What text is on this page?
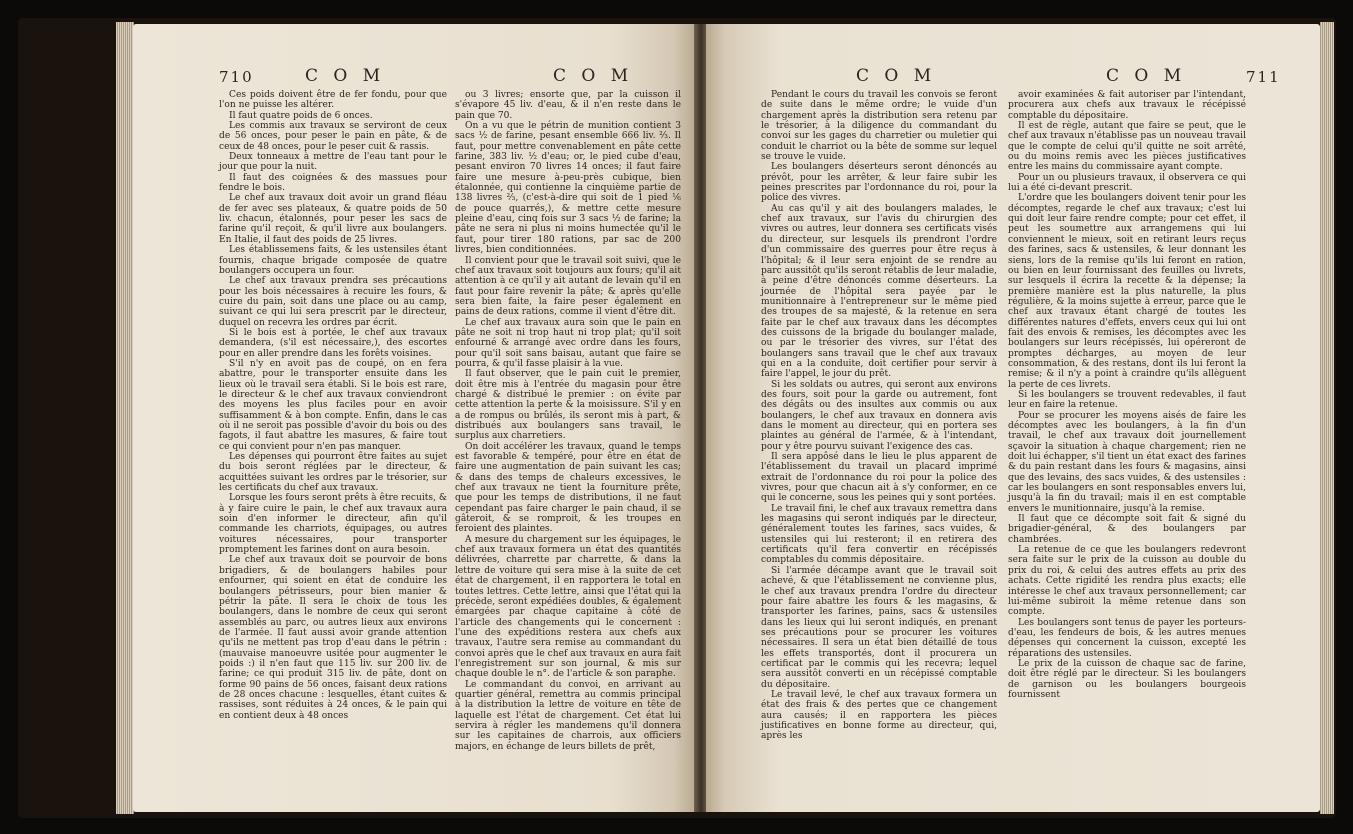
710	C O M	C O M

Ces poids doivent être de fer fondu, pour que l'on ne puisse les altérer.

Il faut quatre poids de 6 onces.

Les commis aux travaux se serviront de ceux de 56 onces, pour peser le pain en pâte, & de ceux de 48 onces, pour le peser cuit & rassis.

Deux tonneaux à mettre de l'eau tant pour le jour que pour la nuit.

Il faut des coignées & des massues pour fendre le bois.

Le chef aux travaux doit avoir un grand fléau de fer avec ses plateaux, & quatre poids de 50 liv. chacun, étalonnés, pour peser les sacs de farine qu'il reçoit, & qu'il livre aux boulangers. En Italie, il faut des poids de 25 livres.

Les établissemens faits, & les ustensiles étant fournis, chaque brigade composée de quatre boulangers occupera un four.

Le chef aux travaux prendra ses précautions pour les bois nécessaires à recuire les fours, & cuire du pain, soit dans une place ou au camp, suivant ce qui lui sera prescrit par le directeur, duquel on recevra les ordres par écrit.

Si le bois est à portée, le chef aux travaux demandera, (s'il est nécessaire,), des escortes pour en aller prendre dans les forêts voisines.

S'il n'y en avoit pas de coupé, on en fera abattre, pour le transporter ensuite dans les lieux où le travail sera établi. Si le bois est rare, le directeur & le chef aux travaux conviendront des moyens les plus faciles pour en avoir suffisamment & à bon compte. Enfin, dans le cas où il ne seroit pas possible d'avoir du bois ou des fagots, il faut abattre les masures, & faire tout ce qui convient pour n'en pas manquer.

Les dépenses qui pourront être faites au sujet du bois seront réglées par le directeur, & acquittées suivant les ordres par le trésorier, sur les certificats du chef aux travaux.

Lorsque les fours seront prêts à être recuits, & à y faire cuire le pain, le chef aux travaux aura soin d'en informer le directeur, afin qu'il commande les charriots, équipages, ou autres voitures nécessaires, pour transporter promptement les farines dont on aura besoin.

Le chef aux travaux doit se pourvoir de bons brigadiers, & de boulangers habiles pour enfourner, qui soient en état de conduire les boulangers pétrisseurs, pour bien manier & pétrir la pâte. Il sera le choix de tous les boulangers, dans le nombre de ceux qui seront assemblés au parc, ou autres lieux aux environs de l'armée. Il faut aussi avoir grande attention qu'ils ne mettent pas trop d'eau dans le pétrin : (mauvaise manoeuvre usitée pour augmenter le poids :) il n'en faut que 115 liv. sur 200 liv. de farine; ce qui produit 315 liv. de pâte, dont on forme 90 pains de 56 onces, faisant deux rations de 28 onces chacune : lesquelles, étant cuites & rassises, sont réduites à 24 onces, & le pain qui en contient deux à 48 onces

ou 3 livres; ensorte que, par la cuisson il s'évapore 45 liv. d'eau, & il n'en reste dans le pain que 70.

On a vu que le pétrin de munition contient 3 sacs ½ de farine, pesant ensemble 666 liv. ⅔. Il faut, pour mettre convenablement en pâte cette farine, 383 liv. ½ d'eau; or, le pied cube d'eau, pesant environ 70 livres 14 onces; il faut faire faire une mesure à-peu-près cubique, bien étalonnée, qui contienne la cinquième partie de 138 livres ⅔, (c'est-à-dire qui soit de 1 pied ⅙ de pouce quarrés,), & mettre cette mesure pleine d'eau, cinq fois sur 3 sacs ½ de farine; la pâte ne sera ni plus ni moins humectée qu'il le faut, pour tirer 180 rations, par sac de 200 livres, bien conditionnées.

Il convient pour que le travail soit suivi, que le chef aux travaux soit toujours aux fours; qu'il ait attention à ce qu'il y ait autant de levain qu'il en faut pour faire revenir la pâte; & après qu'elle sera bien faite, la faire peser également en pains de deux rations, comme il vient d'être dit.

Le chef aux travaux aura soin que le pain en pâte ne soit ni trop haut ni trop plat; qu'il soit enfourné & arrangé avec ordre dans les fours, pour qu'il soit sans baisau, autant que faire se pourra, & qu'il fasse plaisir à la vue.

Il faut observer, que le pain cuit le premier, doit être mis à l'entrée du magasin pour être chargé & distribué le premier : on évite par cette attention la perte & la moisissure. S'il y en a de rompus ou brûlés, ils seront mis à part, & distribués aux boulangers sans travail, le surplus aux charretiers.

On doit accélérer les travaux, quand le temps est favorable & tempéré, pour être en état de faire une augmentation de pain suivant les cas; & dans des temps de chaleurs excessives, le chef aux travaux ne tient la fourniture prête, que pour les temps de distributions, il ne faut cependant pas faire charger le pain chaud, il se gâteroit, & se romproit, & les troupes en feroient des plaintes.

A mesure du chargement sur les équipages, le chef aux travaux formera un état des quantités délivrées, charrette par charrette, & dans la lettre de voiture qui sera mise à la suite de cet état de chargement, il en rapportera le total en toutes lettres. Cette lettre, ainsi que l'état qui la précède, seront expédiées doubles, & également émargées par chaque capitaine à côté de l'article des changements qui le concernent : l'une des expéditions restera aux chefs aux travaux, l'autre sera remise au commandant du convoi après que le chef aux travaux en aura fait l'enregistrement sur son journal, & mis sur chaque double le n°. de l'article & son paraphe.

Le commandant du convoi, en arrivant au quartier général, remettra au commis principal à la distribution la lettre de voiture en tête de laquelle est l'état de chargement. Cet état lui servira à régler les mandemens qu'il donnera sur les capitaines de charrois, aux officiers majors, en échange de leurs billets de prêt,

C O M	C O M	711

Pendant le cours du travail les convois se feront de suite dans le même ordre; le vuide d'un chargement après la distribution sera retenu par le trésorier, à la diligence du commandant du convoi sur les gages du charretier ou muletier qui conduit le charriot ou la bête de somme sur lequel se trouve le vuide.

Les boulangers déserteurs seront dénoncés au prévôt, pour les arrêter, & leur faire subir les peines prescrites par l'ordonnance du roi, pour la police des vivres.

Au cas qu'il y ait des boulangers malades, le chef aux travaux, sur l'avis du chirurgien des vivres ou autres, leur donnera ses certificats visés du directeur, sur lesquels ils prendront l'ordre d'un commissaire des guerres pour être reçus à l'hôpital; & il leur sera enjoint de se rendre au parc aussitôt qu'ils seront rétablis de leur maladie, à peine d'être dénoncés comme déserteurs. La journée de l'hôpital sera payée par le munitionnaire à l'entrepreneur sur le même pied des troupes de sa majesté, & la retenue en sera faite par le chef aux travaux dans les décomptes des cuissons de la brigade du boulanger malade, ou par le trésorier des vivres, sur l'état des boulangers sans travail que le chef aux travaux qui en a la conduite, doit certifier pour servir à faire l'appel, le jour du prêt.

Si les soldats ou autres, qui seront aux environs des fours, soit pour la garde ou autrement, font des dégâts ou des insultes aux commis ou aux boulangers, le chef aux travaux en donnera avis dans le moment au directeur, qui en portera ses plaintes au général de l'armée, & à l'intendant, pour y être pourvu suivant l'exigence des cas.

Il sera appôsé dans le lieu le plus apparent de l'établissement du travail un placard imprimé extrait de l'ordonnance du roi pour la police des vivres, pour que chacun ait à s'y conformer, en ce qui le concerne, sous les peines qui y sont portées.

Le travail fini, le chef aux travaux remettra dans les magasins qui seront indiqués par le directeur, généralement toutes les farines, sacs vuides, & ustensiles qui lui resteront; il en retirera des certificats qu'il fera convertir en récépissés comptables du commis dépositaire.

Si l'armée décampe avant que le travail soit achevé, & que l'établissement ne convienne plus, le chef aux travaux prendra l'ordre du directeur pour faire abattre les fours & les magasins, & transporter les farines, pains, sacs & ustensiles dans les lieux qui lui seront indiqués, en prenant ses précautions pour se procurer les voitures nécessaires. Il sera un état bien détaillé de tous les effets transportés, dont il procurera un certificat par le commis qui les recevra; lequel sera aussitôt converti en un récépissé comptable du dépositaire.

Le travail levé, le chef aux travaux formera un état des frais & des pertes que ce changement aura causés; il en rapportera les pièces justificatives en bonne forme au directeur, qui, après les

avoir examinées & fait autoriser par l'intendant, procurera aux chefs aux travaux le récépissé comptable du dépositaire.

Il est de règle, autant que faire se peut, que le chef aux travaux n'établisse pas un nouveau travail que le compte de celui qu'il quitte ne soit arrêté, ou du moins remis avec les pièces justificatives entre les mains du commissaire ayant compte.

Pour un ou plusieurs travaux, il observera ce qui lui a été ci-devant prescrit.

L'ordre que les boulangers doivent tenir pour les décomptes, regarde le chef aux travaux; c'est lui qui doit leur faire rendre compte; pour cet effet, il peut les soumettre aux arrangemens qui lui conviennent le mieux, soit en retirant leurs reçus des farines, sacs & ustensiles, & leur donnant les siens, lors de la remise qu'ils lui feront en ration, ou bien en leur fournissant des feuilles ou livrets, sur lesquels il écrira la recette & la dépense; la première manière est la plus naturelle, la plus régulière, & la moins sujette à erreur, parce que le chef aux travaux étant chargé de toutes les différentes natures d'effets, envers ceux qui lui ont fait des envois & remises, les décomptes avec les boulangers sur leurs récépissés, lui opéreront de promptes décharges, au moyen de leur consommation, & des restans, dont ils lui feront la remise; & il n'y a point à craindre qu'ils allèguent la perte de ces livrets.

Si les boulangers se trouvent redevables, il faut leur en faire la retenue.

Pour se procurer les moyens aisés de faire les décomptes avec les boulangers, à la fin d'un travail, le chef aux travaux doit journellement sçavoir la situation à chaque chargement; rien ne doit lui échapper, s'il tient un état exact des farines & du pain restant dans les fours & magasins, ainsi que des levains, des sacs vuides, & des ustensiles : car les boulangers en sont responsables envers lui, jusqu'à la fin du travail; mais il en est comptable envers le munitionnaire, jusqu'à la remise.

Il faut que ce décompte soit fait & signé du brigadier-général, & des boulangers par chambrées.

La retenue de ce que les boulangers redevront sera faite sur le prix de la cuisson au double du prix du roi, & celui des autres effets au prix des achats. Cette rigidité les rendra plus exacts; elle intéresse le chef aux travaux personnellement; car lui-même subiroit la même retenue dans son compte.

Les boulangers sont tenus de payer les porteurs-d'eau, les fendeurs de bois, & les autres menues dépenses qui concernent la cuisson, excepté les réparations des ustensiles.

Le prix de la cuisson de chaque sac de farine, doit être réglé par le directeur. Si les boulangers de garnison ou les boulangers bourgeois fournissent
